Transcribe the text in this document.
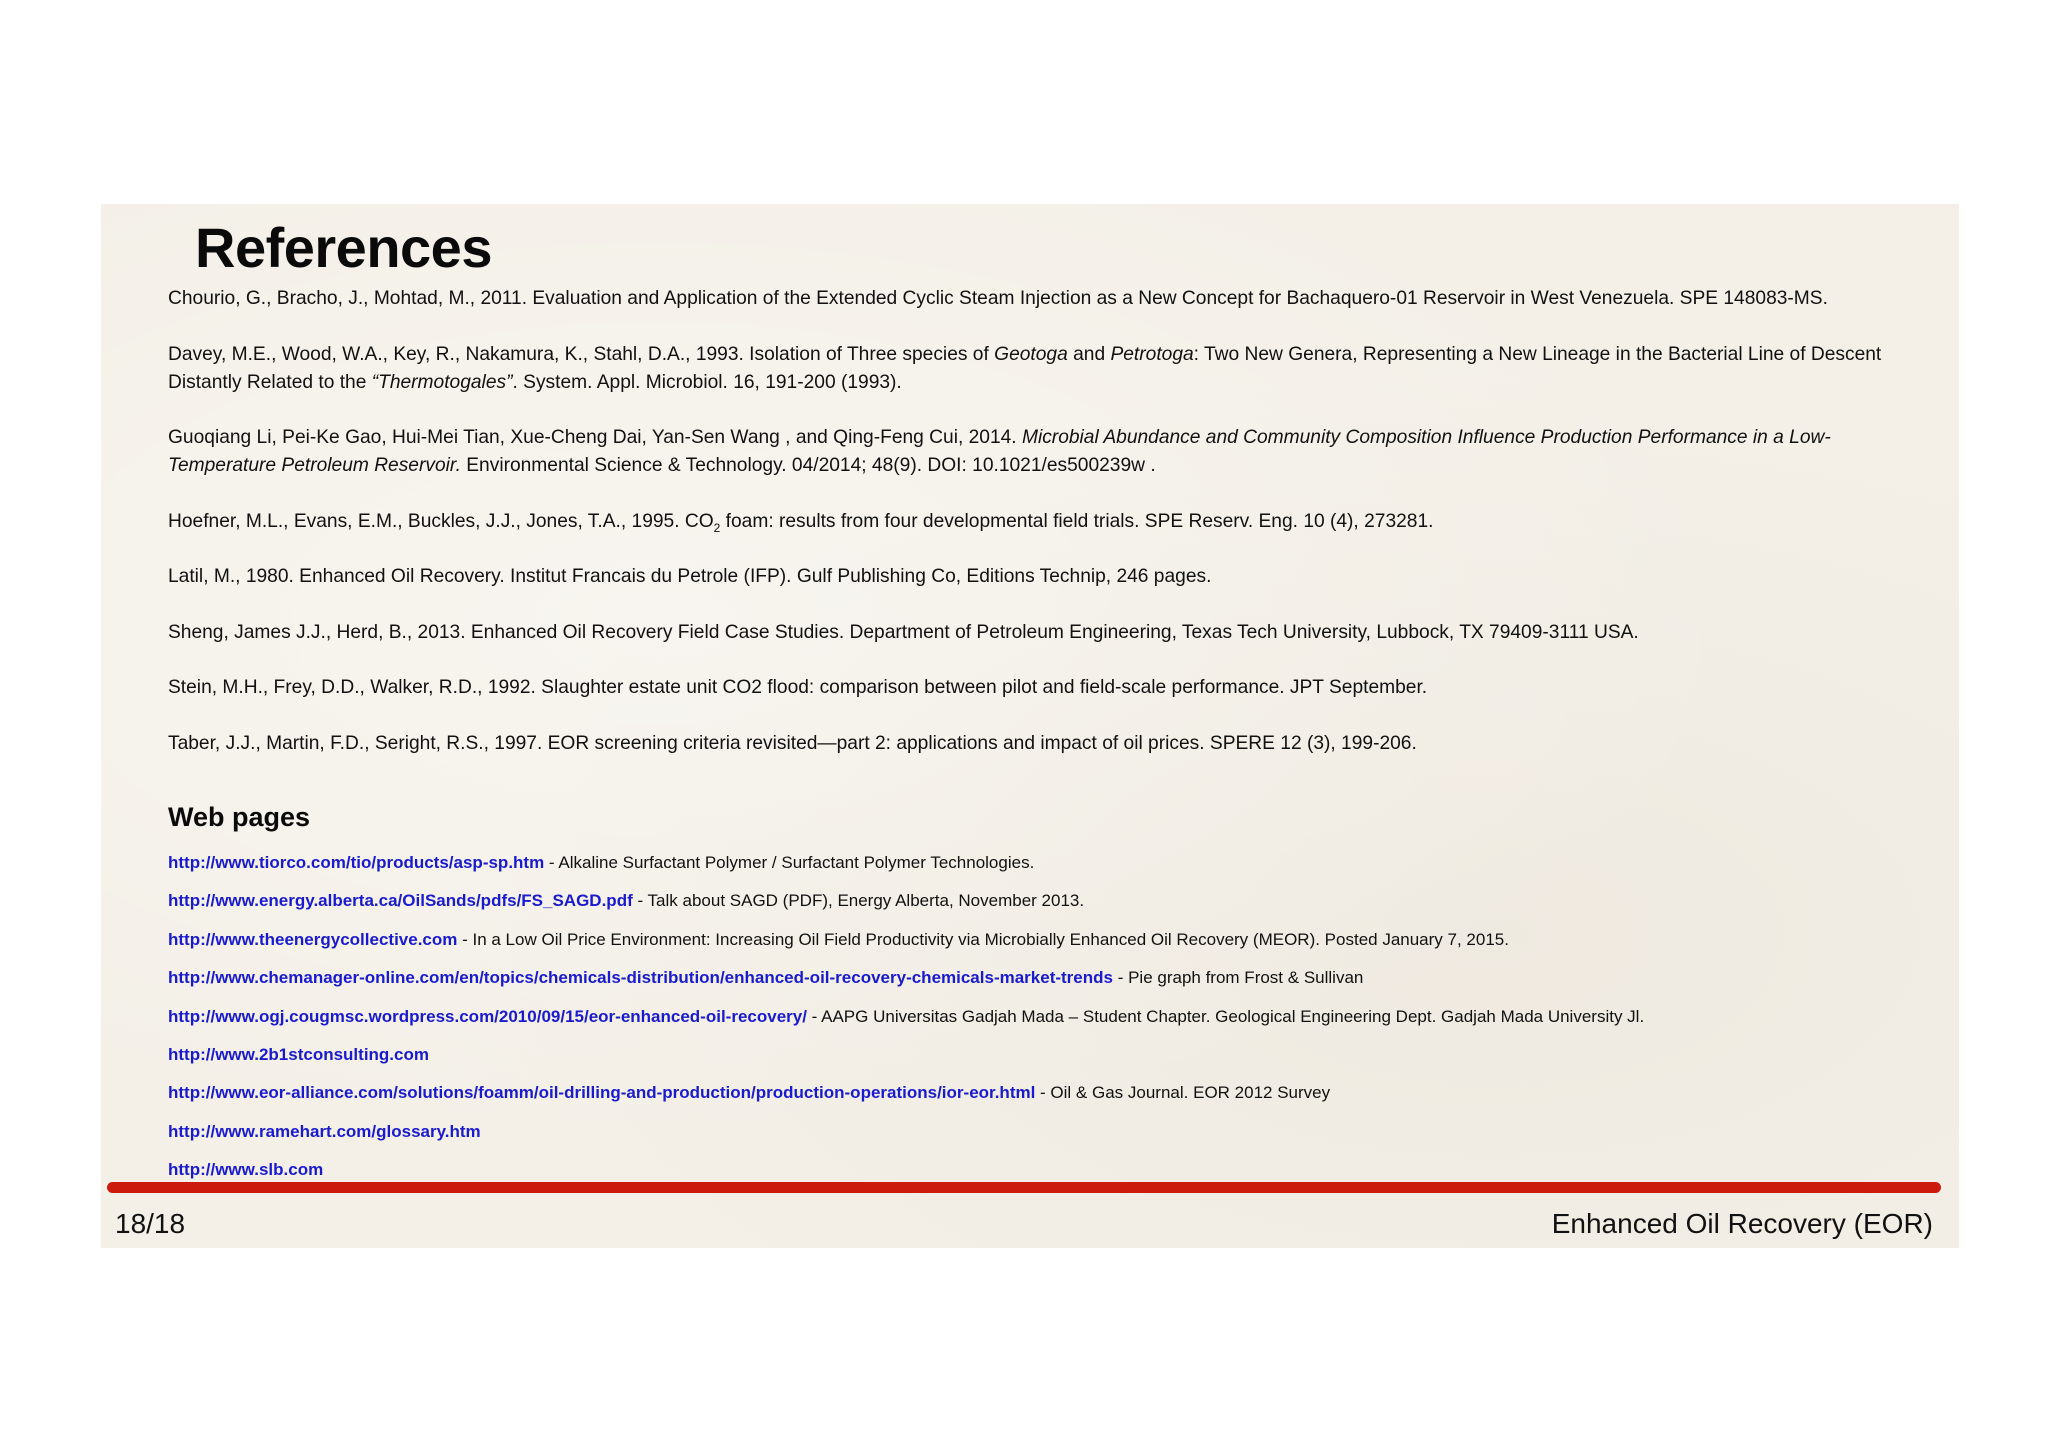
References

Chourio, G., Bracho, J., Mohtad, M., 2011. Evaluation and Application of the Extended Cyclic Steam Injection as a New Concept for Bachaquero-01 Reservoir in West Venezuela. SPE 148083-MS.

Davey, M.E., Wood, W.A., Key, R., Nakamura, K., Stahl, D.A., 1993. Isolation of Three species of Geotoga and Petrotoga: Two New Genera, Representing a New Lineage in the Bacterial Line of Descent Distantly Related to the “Thermotogales”. System. Appl. Microbiol. 16, 191-200 (1993).

Guoqiang Li, Pei-Ke Gao, Hui-Mei Tian, Xue-Cheng Dai, Yan-Sen Wang , and Qing-Feng Cui, 2014. Microbial Abundance and Community Composition Influence Production Performance in a Low-Temperature Petroleum Reservoir. Environmental Science & Technology. 04/2014; 48(9). DOI: 10.1021/es500239w .

Hoefner, M.L., Evans, E.M., Buckles, J.J., Jones, T.A., 1995. $CO_2$ foam: results from four developmental field trials. SPE Reserv. Eng. 10 (4), 273281.

Latil, M., 1980. Enhanced Oil Recovery. Institut Francais du Petrole (IFP). Gulf Publishing Co, Editions Technip, 246 pages.

Sheng, James J.J., Herd, B., 2013. Enhanced Oil Recovery Field Case Studies. Department of Petroleum Engineering, Texas Tech University, Lubbock, TX 79409-3111 USA.

Stein, M.H., Frey, D.D., Walker, R.D., 1992. Slaughter estate unit CO2 flood: comparison between pilot and field-scale performance. JPT September.

Taber, J.J., Martin, F.D., Seright, R.S., 1997. EOR screening criteria revisited—part 2: applications and impact of oil prices. SPERE 12 (3), 199-206.

Web pages
http://www.tiorco.com/tio/products/asp-sp.htm - Alkaline Surfactant Polymer / Surfactant Polymer Technologies.
http://www.energy.alberta.ca/OilSands/pdfs/FS_SAGD.pdf - Talk about SAGD (PDF), Energy Alberta, November 2013.
http://www.theenergycollective.com - In a Low Oil Price Environment: Increasing Oil Field Productivity via Microbially Enhanced Oil Recovery (MEOR). Posted January 7, 2015.
http://www.chemanager-online.com/en/topics/chemicals-distribution/enhanced-oil-recovery-chemicals-market-trends - Pie graph from Frost & Sullivan
http://www.ogj.cougmsc.wordpress.com/2010/09/15/eor-enhanced-oil-recovery/ - AAPG Universitas Gadjah Mada – Student Chapter. Geological Engineering Dept. Gadjah Mada University Jl.
http://www.2b1stconsulting.com
http://www.eor-alliance.com/solutions/foamm/oil-drilling-and-production/production-operations/ior-eor.html - Oil & Gas Journal. EOR 2012 Survey
http://www.ramehart.com/glossary.htm
http://www.slb.com
18/18	Enhanced Oil Recovery (EOR)
